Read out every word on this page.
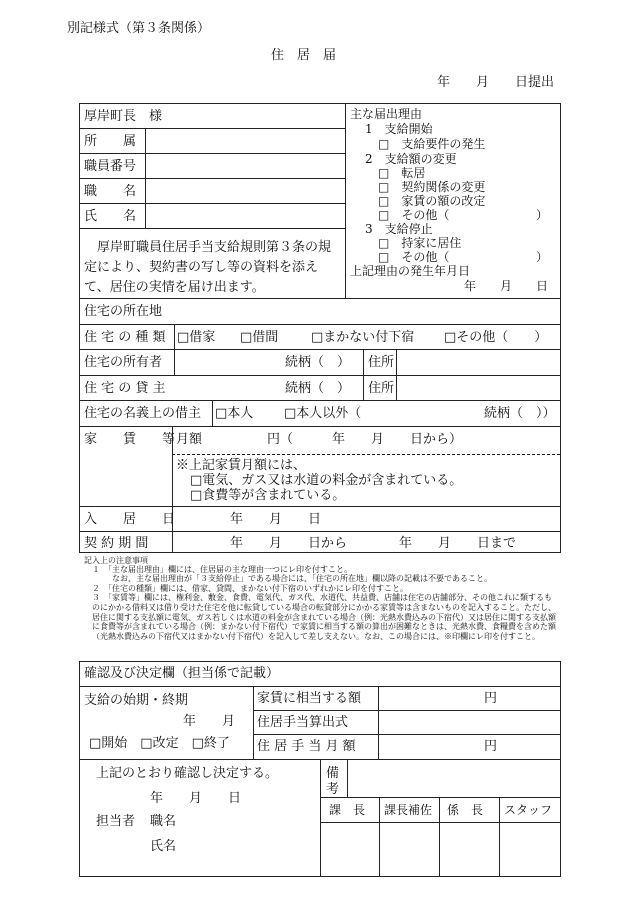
別記様式（第３条関係）
住　居　届
年　　月　　日提出
厚岸町長　様
所　　属
職員番号
職　　名
氏　　名
厚岸町職員住居手当支給規則第３条の規定により、契約書の写し等の資料を添えて、居住の実情を届け出ます。
主な届出理由
1　支給開始
□　支給要件の発生
2　支給額の変更
□　転居
□　契約関係の変更
□　家賃の額の改定
□　その他（	）
3　支給停止
□　持家に居住
□　その他（	）
上記理由の発生年月日
年　　月　　日
住宅の所在地
住 宅 の 種 類 □借家 □借間	□まかない付下宿 □その他（　　）
住宅の所有者	続柄（　） 住所
住 宅 の 貸 主	続柄（　） 住所
住宅の名義上の借主 □本人 □本人以外（	続柄（　））
家　　賃　　等 月額　　　　　円（　　　年　　月　　日から）
※上記家賃月額には、
□電気、ガス又は水道の料金が含まれている。
□食費等が含まれている。
入　　居　　日	年　　月　　日
契 約 期 間	年　　月　　日から　　　　年　　月　　日まで
記入上の注意事項
１　「主な届出理由」欄には、住居届の主な理由一つにレ印を付すこと。
　なお、主な届出理由が「３支給停止」である場合には、「住宅の所在地」欄以降の記載は不要であること。
２　「住宅の種類」欄には、借家、貸間、まかない付下宿のいずれかにレ印を付すこと。
３　「家賃等」欄には、権利金、敷金、食費、電気代、ガス代、水道代、共益費、店舗は住宅の店舗部分、その他これに類するものにかかる借料又は借り受けた住宅を他に転貸している場合の転貸部分にかかる家賃等は含まないものを記入すること。ただし、居住に関する支払額に電気、ガス若しくは水道の料金が含まれている場合（例：光熱水費込みの下宿代）又は居住に関する支払額に食費等が含まれている場合（例：まかない付下宿代）で家賃に相当する額の算出が困難なときは、光熱水費、食糧費を含めた額（光熱水費込みの下宿代又はまかない付下宿代）を記入して差し支えない。なお、この場合には、※印欄にレ印を付すこと。
確認及び決定欄（担当係で記載）
支給の始期・終期
年　　月
□開始　□改定　□終了
家賃に相当する額	円
住居手当算出式
住 居 手 当 月 額	円
上記のとおり確認し決定する。
年　　月　　日
担当者 職名
氏名
備考
課　長 課長補佐 係　長 スタッフ
